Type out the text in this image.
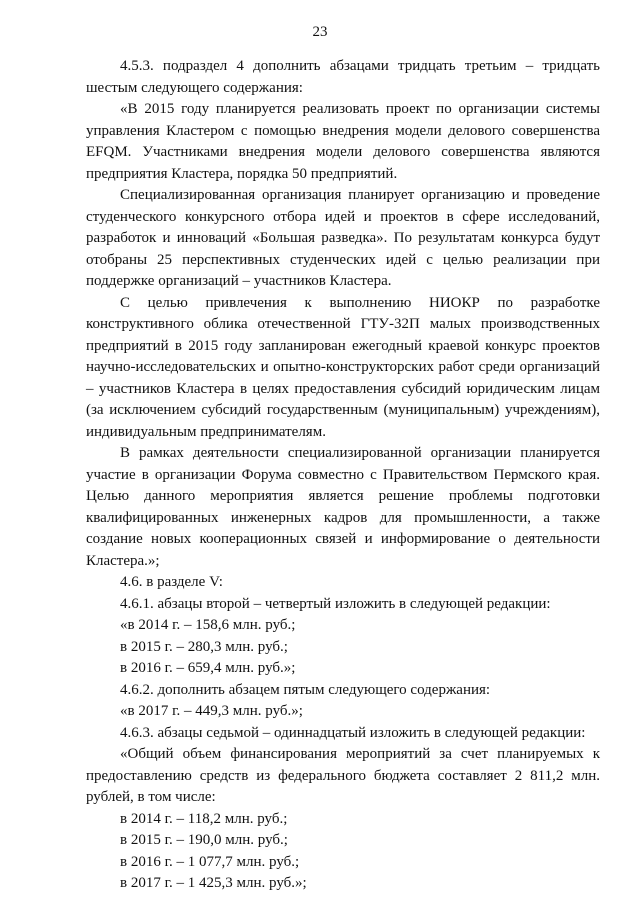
23

4.5.3. подраздел 4 дополнить абзацами тридцать третьим – тридцать шестым следующего содержания:

«В 2015 году планируется реализовать проект по организации системы управления Кластером с помощью внедрения модели делового совершенства EFQM. Участниками внедрения модели делового совершенства являются предприятия Кластера, порядка 50 предприятий.

Специализированная организация планирует организацию и проведение студенческого конкурсного отбора идей и проектов в сфере исследований, разработок и инноваций «Большая разведка». По результатам конкурса будут отобраны 25 перспективных студенческих идей с целью реализации при поддержке организаций – участников Кластера.

С целью привлечения к выполнению НИОКР по разработке конструктивного облика отечественной ГТУ-32П малых производственных предприятий в 2015 году запланирован ежегодный краевой конкурс проектов научно-исследовательских и опытно-конструкторских работ среди организаций – участников Кластера в целях предоставления субсидий юридическим лицам (за исключением субсидий государственным (муниципальным) учреждениям), индивидуальным предпринимателям.

В рамках деятельности специализированной организации планируется участие в организации Форума совместно с Правительством Пермского края. Целью данного мероприятия является решение проблемы подготовки квалифицированных инженерных кадров для промышленности, а также создание новых кооперационных связей и информирование о деятельности Кластера.»;

4.6. в разделе V:

4.6.1. абзацы второй – четвертый изложить в следующей редакции:

«в 2014 г. – 158,6 млн. руб.;

в 2015 г. – 280,3 млн. руб.;

в 2016 г. – 659,4 млн. руб.»;

4.6.2. дополнить абзацем пятым следующего содержания:

«в 2017 г. – 449,3 млн. руб.»;

4.6.3. абзацы седьмой – одиннадцатый изложить в следующей редакции:

«Общий объем финансирования мероприятий за счет планируемых к предоставлению средств из федерального бюджета составляет 2 811,2 млн. рублей, в том числе:

в 2014 г. – 118,2 млн. руб.;

в 2015 г. – 190,0 млн. руб.;

в 2016 г. – 1 077,7 млн. руб.;

в 2017 г. – 1 425,3 млн. руб.»;
